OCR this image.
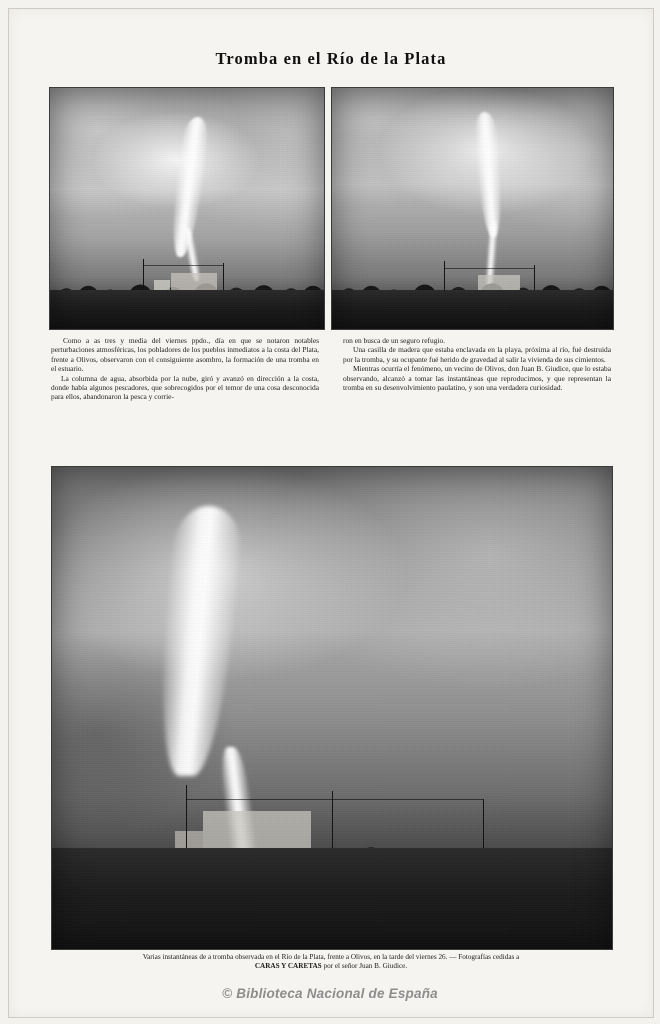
Tromba en el Río de la Plata

Como a as tres y media del viernes ppdo., día en que se notaron notables perturbaciones atmosféricas, los pobladores de los pueblos inmediatos a la costa del Plata, frente a Olivos, observaron con el consiguiente asombro, la formación de una tromba en el estuario.

La columna de agua, absorbida por la nube, giró y avanzó en dirección a la costa, donde había algunos pescadores, que sobrecogidos por el temor de una cosa desconocida para ellos, abandonaron la pesca y corrie-

ron en busca de un seguro refugio.

Una casilla de madera que estaba enclavada en la playa, próxima al río, fué destruida por la tromba, y su ocupante fué herido de gravedad al salir la vivienda de sus cimientos.

Mientras ocurría el fenómeno, un vecino de Olivos, don Juan B. Giudice, que lo estaba observando, alcanzó a tomar las instantáneas que reproducimos, y que representan la tromba en su desenvolvimiento paulatino, y son una verdadera curiosidad.

Varias instantáneas de a tromba observada en el Río de la Plata, frente a Olivos, en la tarde del viernes 26. — Fotografías cedidas a
CARAS Y CARETAS por el señor Juan B. Giudice.
© Biblioteca Nacional de España
